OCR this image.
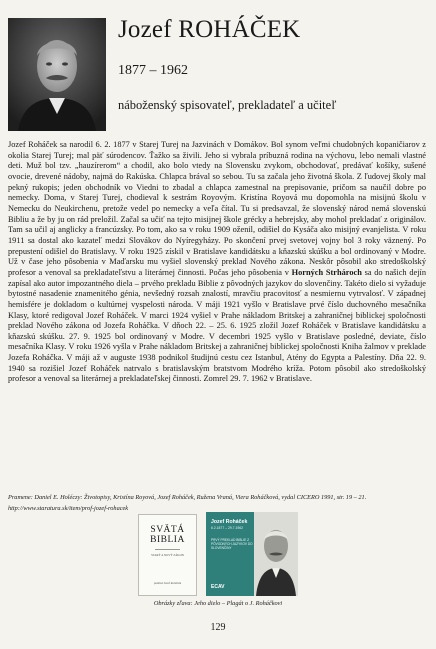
Jozef ROHÁČEK
1877 – 1962
náboženský spisovateľ, prekladateľ a učiteľ

Jozef Roháček sa narodil 6. 2. 1877 v Starej Turej na Jazvinách v Domákov. Bol synom veľmi chudobných kopaničiarov z okolia Starej Turej; mal päť súrodencov. Ťažko sa živili. Jeho si vybrala príbuzná rodina na výchovu, lebo nemali vlastné deti. Muž bol tzv. „hauzírerom“ a chodil, ako bolo vtedy na Slovensku zvykom, obchodovať, predávať košíky, sušené ovocie, drevené nádoby, najmä do Rakúska. Chlapca brával so sebou. Tu sa začala jeho životná škola. Z ľudovej školy mal pekný rukopis; jeden obchodník vo Viedni to zbadal a chlapca zamestnal na prepisovanie, pričom sa naučil dobre po nemecky. Doma, v Starej Turej, chodieval k sestrám Royovým. Kristína Royová mu dopomohla na misijnú školu v Nemecku do Neukirchenu, pretože vedel po nemecky a veľa čítal. Tu si predsavzal, že slovenský národ nemá slovenskú Bibliu a že by ju on rád preložil. Začal sa učiť na tejto misijnej škole grécky a hebrejsky, aby mohol prekladať z originálov. Tam sa učil aj anglicky a francúzsky. Po tom, ako sa v roku 1909 oženil, odišiel do Kysáča ako misijný evanjelista. V roku 1911 sa dostal ako kazateľ medzi Slovákov do Nyíregyházy. Po skončení prvej svetovej vojny bol 3 roky väznený. Po prepustení odišiel do Bratislavy. V roku 1925 získil v Bratislave kandidátsku a kňazskú skúšku a bol ordinovaný v Modre. Už v čase jeho pôsobenia v Maďarsku mu vyšiel slovenský preklad Nového zákona. Neskôr pôsobil ako stredoškolský profesor a venoval sa prekladateľstvu a literárnej činnosti. Počas jeho pôsobenia v Horných Strhároch sa do našich dejín zapísal ako autor impozantného diela – prvého prekladu Biblie z pôvodných jazykov do slovenčiny. Takéto dielo si vyžaduje bytostné nasadenie znamenitého génia, nevšedný rozsah znalostí, mravčiu pracovitosť a nesmiernu vytrvalosť. V západnej hemisfére je dokladom o kultúrnej vyspelosti národa. V máji 1921 vyšlo v Bratislave prvé číslo duchovného mesačníka Klasy, ktoré redigoval Jozef Roháček. V marci 1924 vyšiel v Prahe nákladom Britskej a zahraničnej biblickej spoločnosti preklad Nového zákona od Jozefa Roháčka. V dňoch 22. – 25. 6. 1925 zložil Jozef Roháček v Bratislave kandidátsku a kňazskú skúšku. 27. 9. 1925 bol ordinovaný v Modre. V decembri 1925 vyšlo v Bratislave posledné, deviate, číslo mesačníka Klasy. V roku 1926 vyšla v Prahe nákladom Britskej a zahraničnej biblickej spoločnosti Kniha žalmov v preklade Jozefa Roháčka. V máji až v auguste 1938 podnikol študijnú cestu cez Istanbul, Atény do Egypta a Palestíny. Dňa 22. 9. 1940 sa rozišiel Jozef Roháček natrvalo s bratislavským bratstvom Modrého kríža. Potom pôsobil ako stredoškolský profesor a venoval sa literárnej a prekladateľskej činnosti. Zomrel 29. 7. 1962 v Bratislave.

Pramene: Daniel E. Holéczy: Životopisy, Kristína Royová, Jozef Roháček, Ružena Vraná, Viera Roháčková, vydal CICERO 1991, str. 19 – 21.

http://www.staratura.sk/item/prof-jozef-rohacek
SVÄTÁ
BIBLIA
STARÝ A NOVÝ ZÁKON
preklad Jozef Roháček
Jozef Roháček
6.2.1877 – 29.7.1962
PRVÝ PREKLAD BIBLIE Z PÔVODNÝCH JAZYKOV DO SLOVENČINY
ECAV
Obrázky zľava: Jeho dielo – Plagát o J. Roháčkovi
129
